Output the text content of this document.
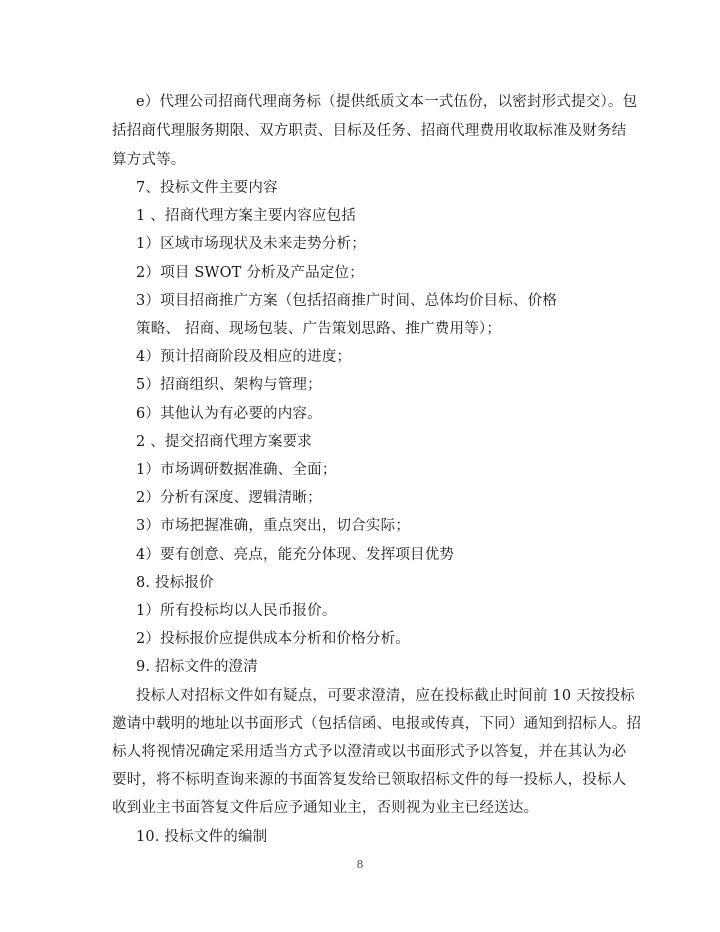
e）代理公司招商代理商务标（提供纸质文本一式伍份，以密封形式提交）。包
括招商代理服务期限、双方职责、目标及任务、招商代理费用收取标准及财务结
算方式等。
7、投标文件主要内容
1 、招商代理方案主要内容应包括
1）区域市场现状及未来走势分析；
2）项目 SWOT 分析及产品定位；
3）项目招商推广方案（包括招商推广时间、总体均价目标、价格
策略、 招商、现场包装、广告策划思路、推广费用等）；
4）预计招商阶段及相应的进度；
5）招商组织、架构与管理；
6）其他认为有必要的内容。
2 、提交招商代理方案要求
1）市场调研数据准确、全面；
2）分析有深度、逻辑清晰；
3）市场把握准确，重点突出，切合实际；
4）要有创意、亮点，能充分体现、发挥项目优势
8. 投标报价
1）所有投标均以人民币报价。
2）投标报价应提供成本分析和价格分析。
9. 招标文件的澄清
投标人对招标文件如有疑点，可要求澄清，应在投标截止时间前 10 天按投标
邀请中载明的地址以书面形式（包括信函、电报或传真，下同）通知到招标人。招
标人将视情况确定采用适当方式予以澄清或以书面形式予以答复，并在其认为必
要时，将不标明查询来源的书面答复发给已领取招标文件的每一投标人，投标人
收到业主书面答复文件后应予通知业主，否则视为业主已经送达。
10. 投标文件的编制
8
